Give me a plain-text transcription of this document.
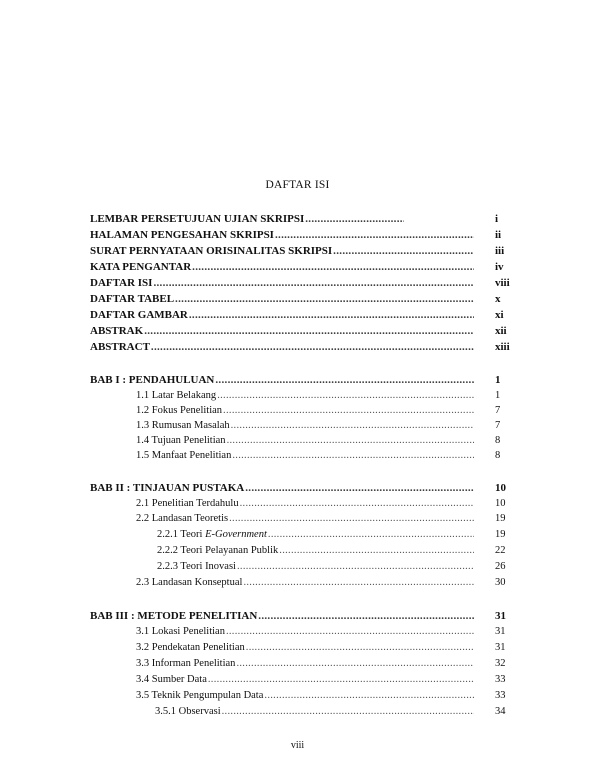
DAFTAR ISI
LEMBAR PERSETUJUAN UJIAN SKRIPSI .....	i
HALAMAN PENGESAHAN SKRIPSI .....	ii
SURAT PERNYATAAN ORISINALITAS SKRIPSI .....	iii
KATA PENGANTAR .....	iv
DAFTAR ISI .....	viii
DAFTAR TABEL .....	x
DAFTAR GAMBAR .....	xi
ABSTRAK .....	xii
ABSTRACT .....	xiii
BAB I : PENDAHULUAN .....	1
1.1 Latar Belakang .....	1
1.2 Fokus Penelitian .....	7
1.3 Rumusan Masalah .....	7
1.4 Tujuan Penelitian .....	8
1.5 Manfaat Penelitian .....	8
BAB II : TINJAUAN PUSTAKA .....	10
2.1 Penelitian Terdahulu .....	10
2.2 Landasan Teoretis .....	19
2.2.1 Teori E-Government .....	19
2.2.2 Teori Pelayanan Publik .....	22
2.2.3 Teori Inovasi .....	26
2.3 Landasan Konseptual .....	30
BAB III : METODE PENELITIAN .....	31
3.1 Lokasi Penelitian .....	31
3.2 Pendekatan Penelitian .....	31
3.3 Informan Penelitian .....	32
3.4 Sumber Data .....	33
3.5 Teknik Pengumpulan Data .....	33
3.5.1 Observasi .....	34
viii
